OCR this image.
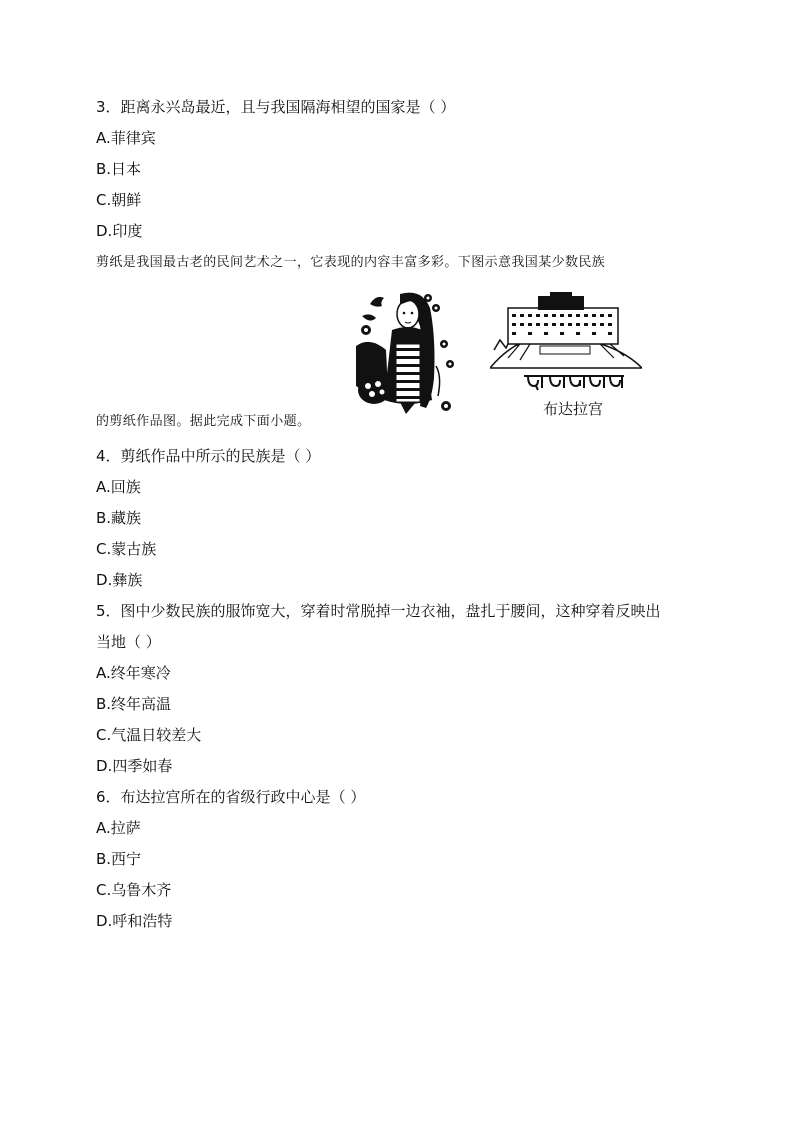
3．距离永兴岛最近，且与我国隔海相望的国家是（ ）
A.菲律宾
B.日本
C.朝鲜
D.印度
剪纸是我国最古老的民间艺术之一，它表现的内容丰富多彩。下图示意我国某少数民族
布达拉宫
的剪纸作品图。据此完成下面小题。
4．剪纸作品中所示的民族是（ ）
A.回族
B.藏族
C.蒙古族
D.彝族
5．图中少数民族的服饰宽大，穿着时常脱掉一边衣袖，盘扎于腰间，这种穿着反映出
当地（ ）
A.终年寒冷
B.终年高温
C.气温日较差大
D.四季如春
6．布达拉宫所在的省级行政中心是（ ）
A.拉萨
B.西宁
C.乌鲁木齐
D.呼和浩特
